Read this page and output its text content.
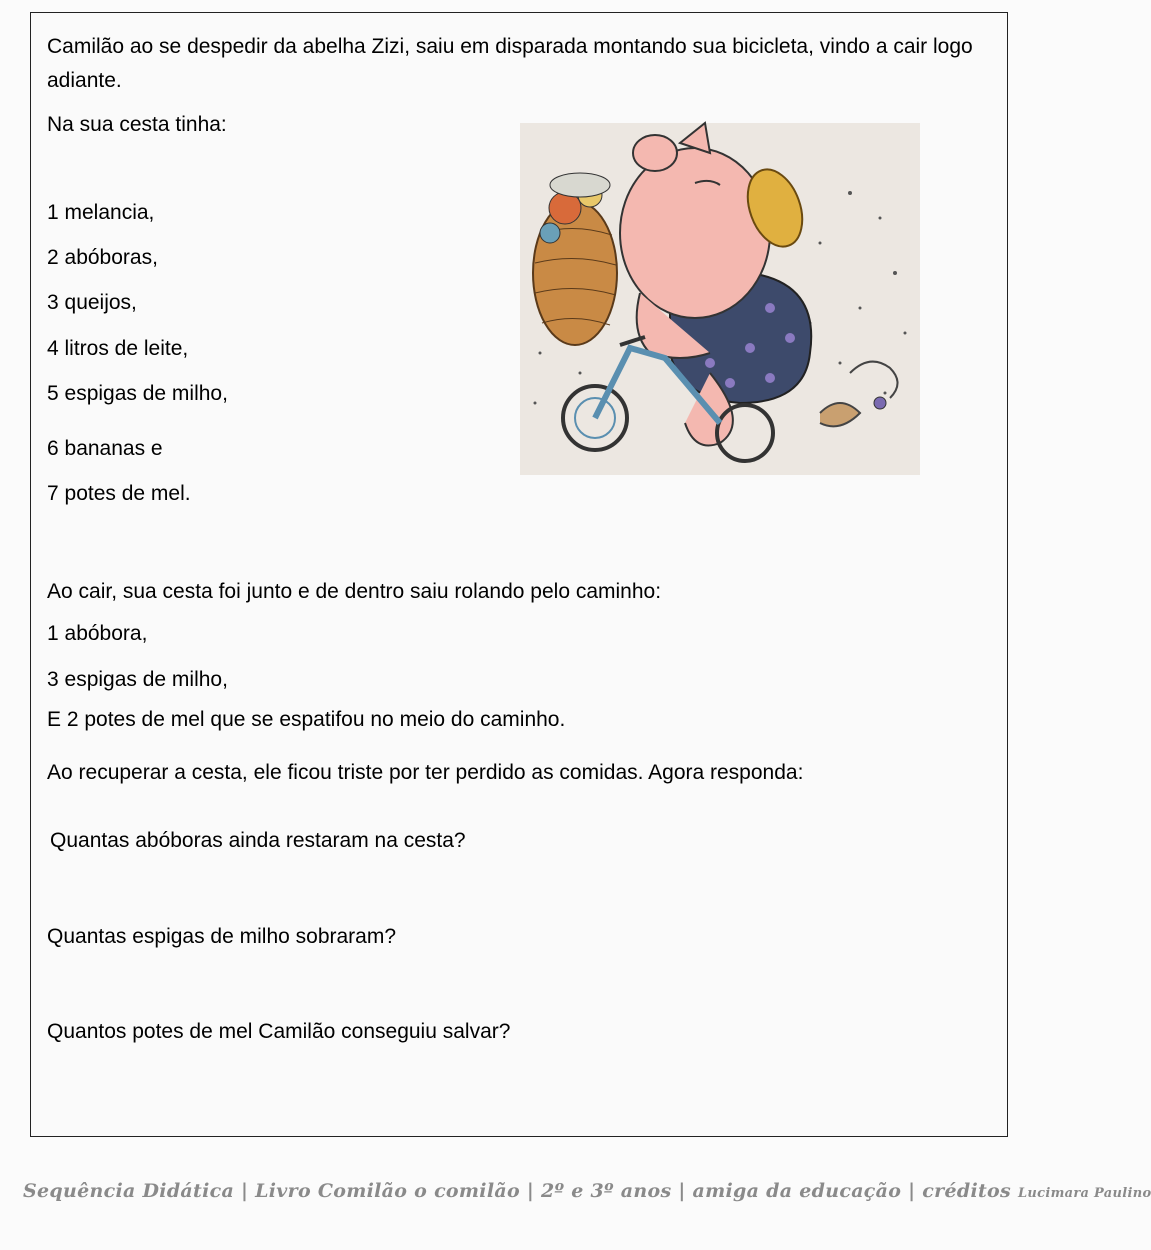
Camilão ao se despedir da abelha Zizi, saiu em disparada montando sua bicicleta, vindo a cair logo adiante.
Na sua cesta tinha:
1 melancia,
2 abóboras,
3 queijos,
4 litros de leite,
5 espigas de milho,
6 bananas e
7 potes de mel.
Ao cair, sua cesta foi junto e de dentro saiu rolando pelo caminho:
1 abóbora,
3 espigas de milho,
E 2 potes de mel que se espatifou no meio do caminho.
Ao recuperar a cesta, ele ficou triste por ter perdido as comidas. Agora responda:
Quantas abóboras ainda restaram na cesta?
Quantas espigas de milho sobraram?
Quantos potes de mel Camilão conseguiu salvar?
Sequência Didática | Livro Comilão o comilão | 2º e 3º anos | amiga da educação | créditos Lucimara Paulino
